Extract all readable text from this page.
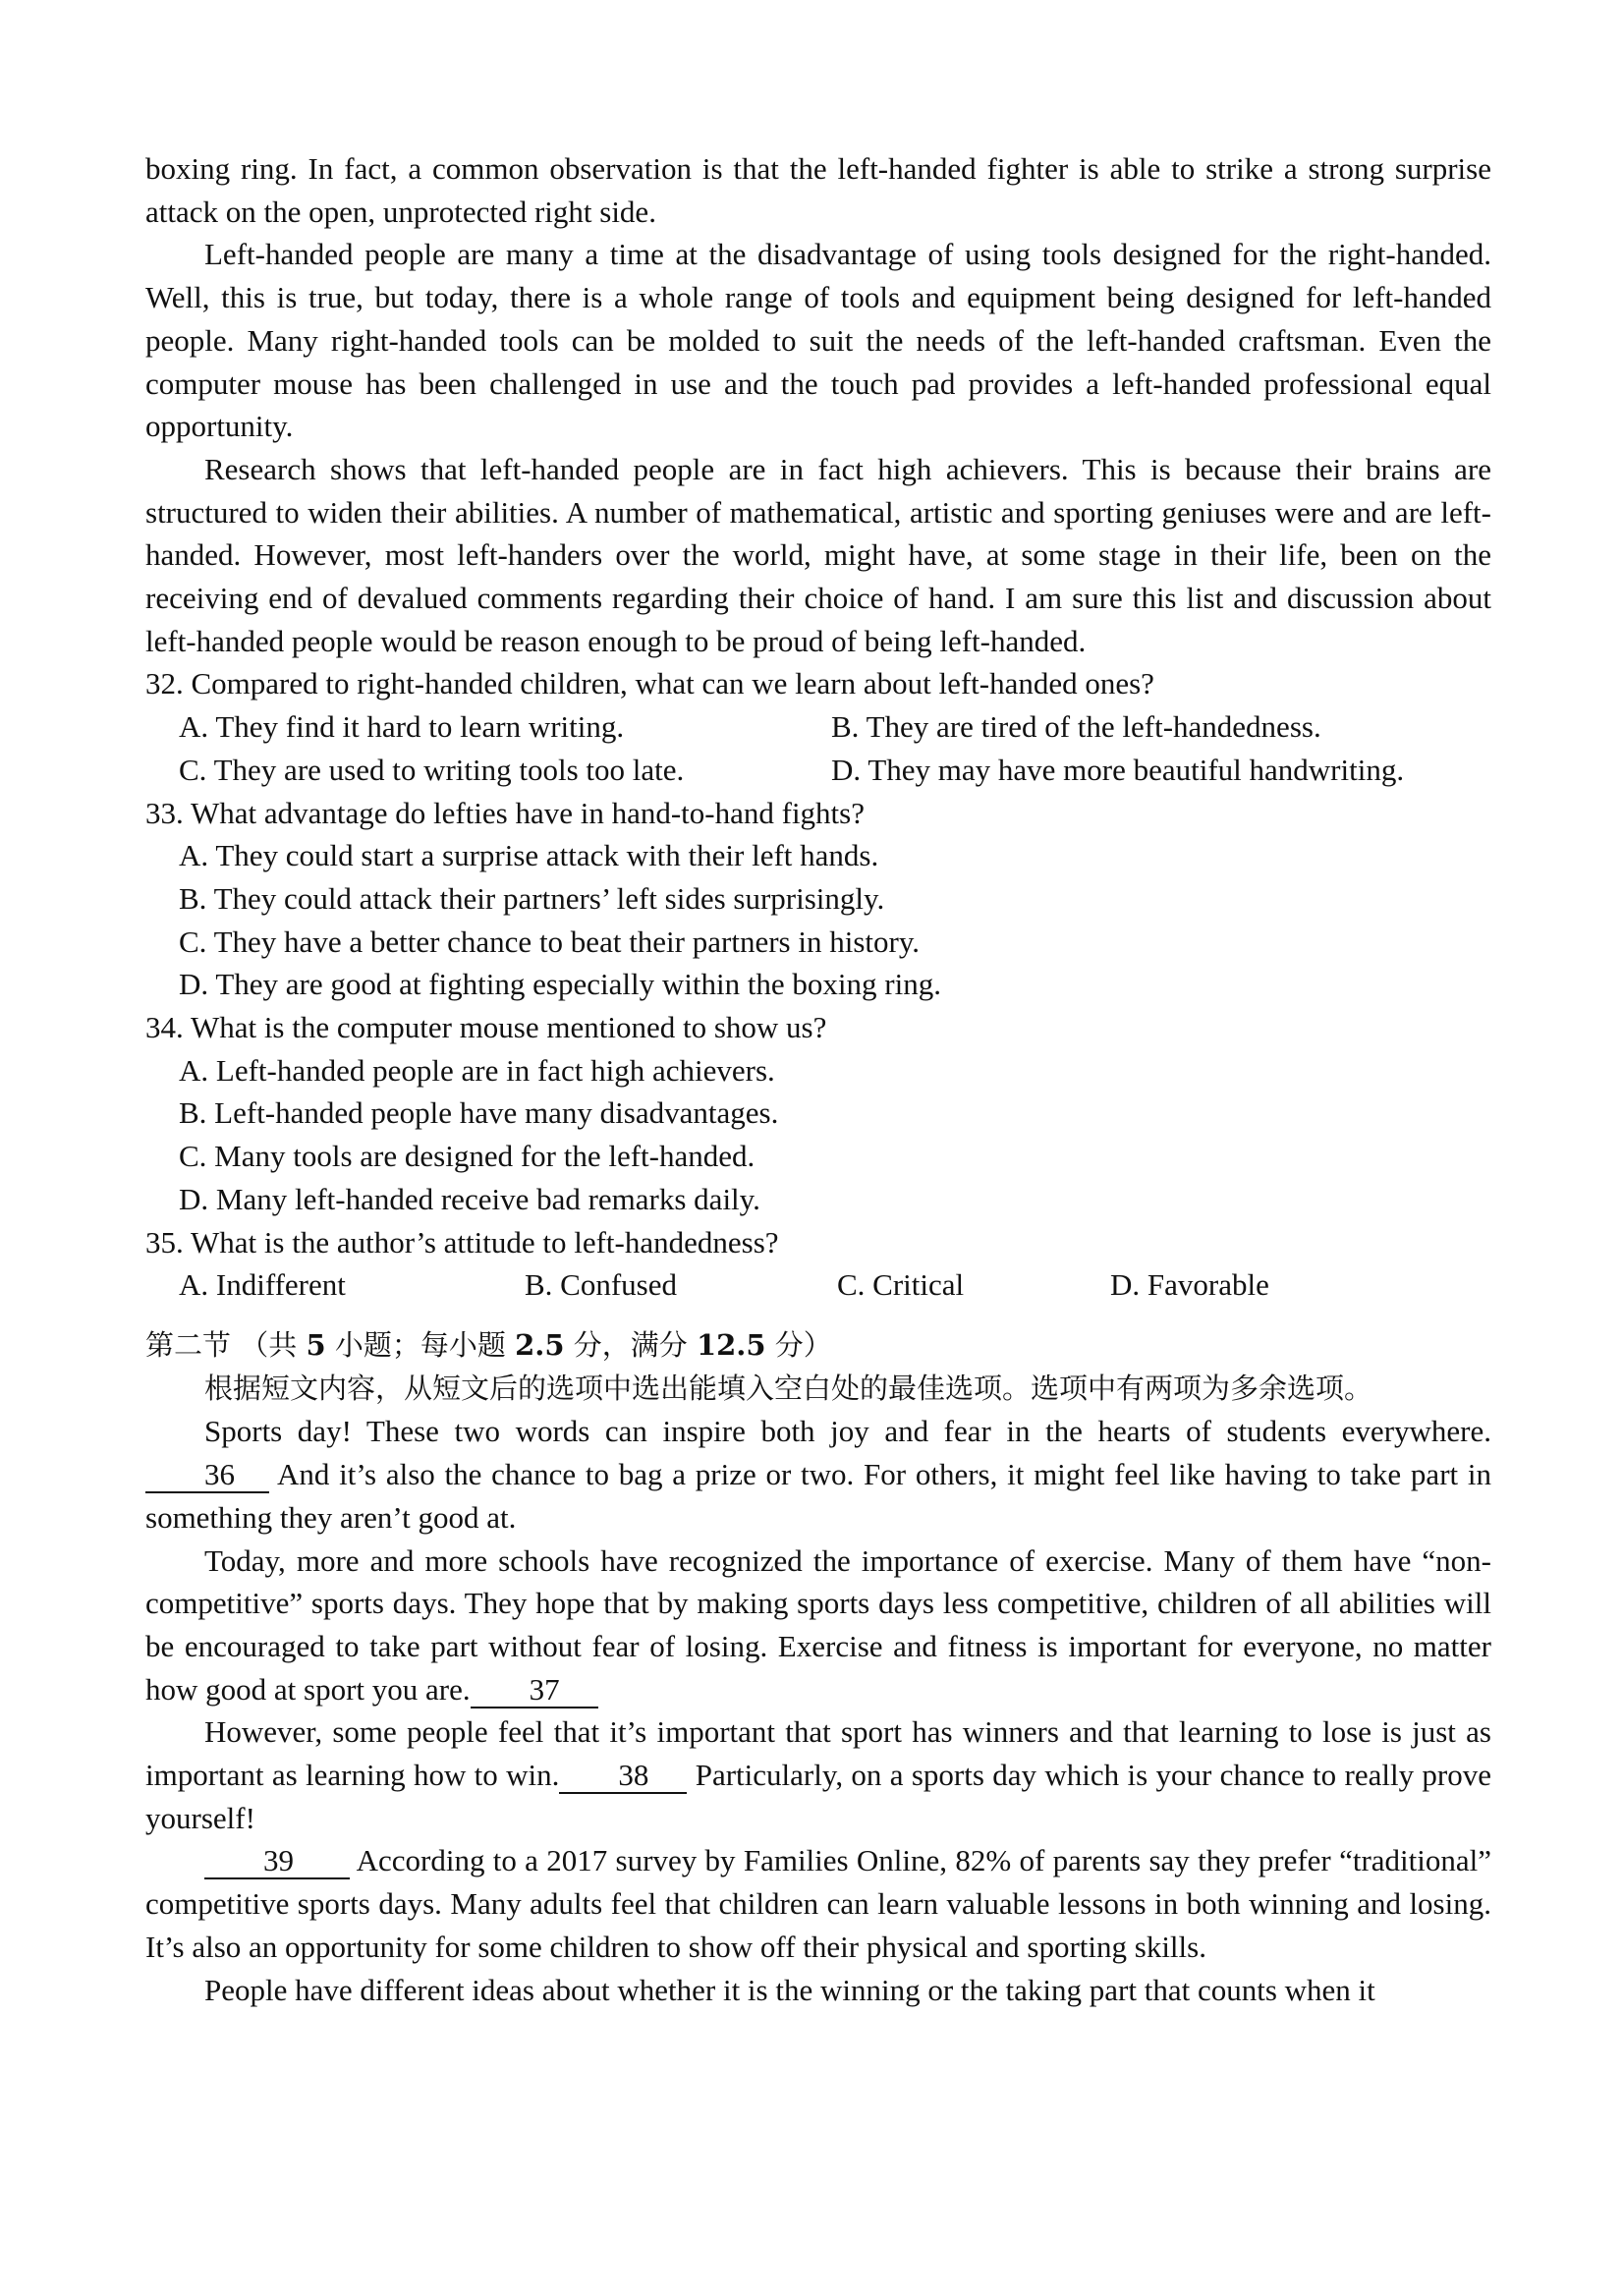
boxing ring. In fact, a common observation is that the left-handed fighter is able to strike a strong surprise attack on the open, unprotected right side.

Left-handed people are many a time at the disadvantage of using tools designed for the right-handed. Well, this is true, but today, there is a whole range of tools and equipment being designed for left-handed people. Many right-handed tools can be molded to suit the needs of the left-handed craftsman. Even the computer mouse has been challenged in use and the touch pad provides a left-handed professional equal opportunity.

Research shows that left-handed people are in fact high achievers. This is because their brains are structured to widen their abilities. A number of mathematical, artistic and sporting geniuses were and are left-handed. However, most left-handers over the world, might have, at some stage in their life, been on the receiving end of devalued comments regarding their choice of hand. I am sure this list and discussion about left-handed people would be reason enough to be proud of being left-handed.

32. Compared to right-handed children, what can we learn about left-handed ones?

A. They find it hard to learn writing.	B. They are tired of the left-handedness.
C. They are used to writing tools too late.	D. They may have more beautiful handwriting.

33. What advantage do lefties have in hand-to-hand fights?

A. They could start a surprise attack with their left hands.
B. They could attack their partners’ left sides surprisingly.
C. They have a better chance to beat their partners in history.
D. They are good at fighting especially within the boxing ring.

34. What is the computer mouse mentioned to show us?

A. Left-handed people are in fact high achievers.
B. Left-handed people have many disadvantages.
C. Many tools are designed for the left-handed.
D. Many left-handed receive bad remarks daily.

35. What is the author’s attitude to left-handedness?

A. Indifferent	B. Confused	C. Critical	D. Favorable

第二节 （共 5 小题；每小题 2.5 分，满分 12.5 分）

根据短文内容，从短文后的选项中选出能填入空白处的最佳选项。选项中有两项为多余选项。

Sports day! These two words can inspire both joy and fear in the hearts of students everywhere. 36 And it’s also the chance to bag a prize or two. For others, it might feel like having to take part in something they aren’t good at.

Today, more and more schools have recognized the importance of exercise. Many of them have “non-competitive” sports days. They hope that by making sports days less competitive, children of all abilities will be encouraged to take part without fear of losing. Exercise and fitness is important for everyone, no matter how good at sport you are. 37

However, some people feel that it’s important that sport has winners and that learning to lose is just as important as learning how to win. 38 Particularly, on a sports day which is your chance to really prove yourself!

39 According to a 2017 survey by Families Online, 82% of parents say they prefer “traditional” competitive sports days. Many adults feel that children can learn valuable lessons in both winning and losing. It’s also an opportunity for some children to show off their physical and sporting skills.

People have different ideas about whether it is the winning or the taking part that counts when it
